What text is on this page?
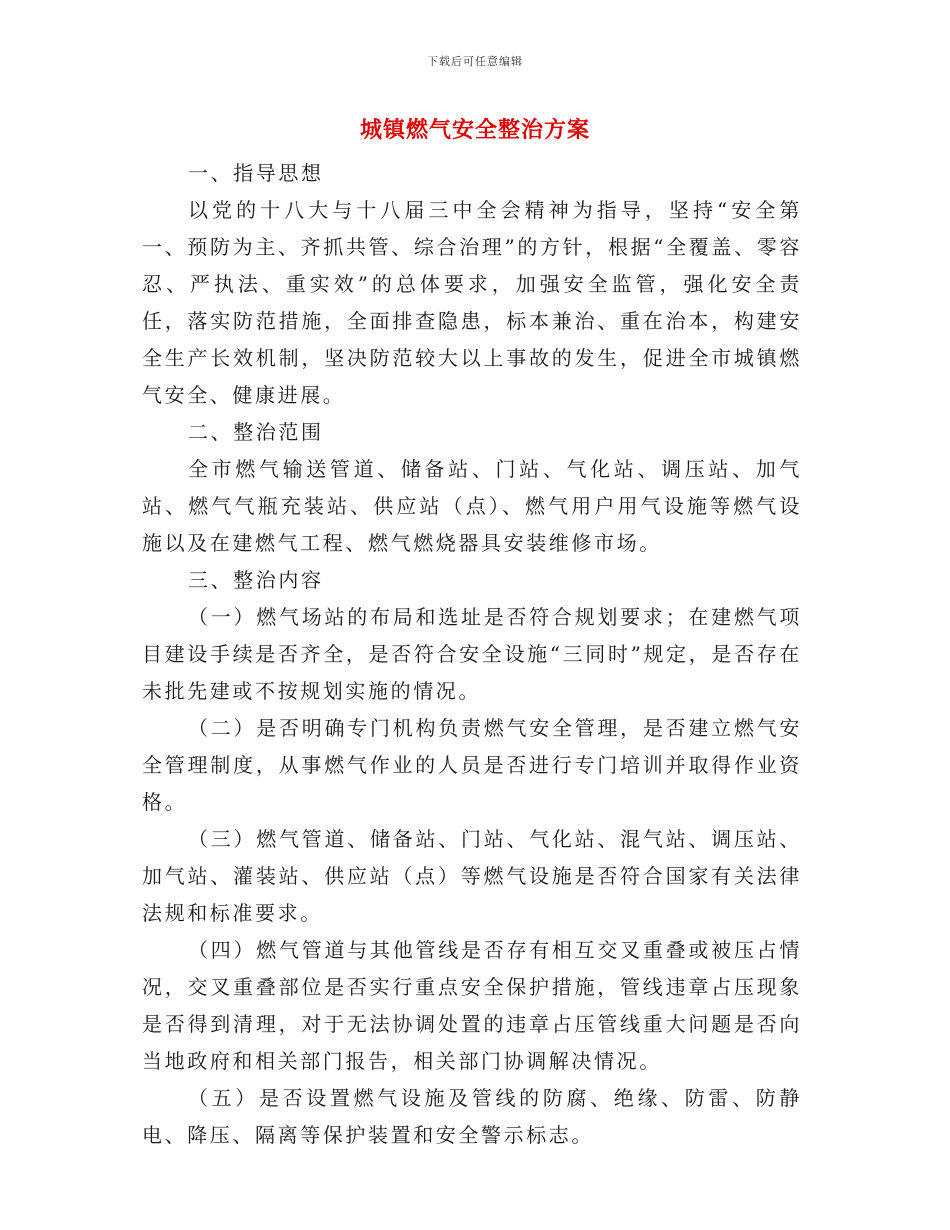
下载后可任意编辑
城镇燃气安全整治方案

一、指导思想

以党的十八大与十八届三中全会精神为指导，坚持“安全第一、预防为主、齐抓共管、综合治理”的方针，根据“全覆盖、零容忍、严执法、重实效”的总体要求，加强安全监管，强化安全责任，落实防范措施，全面排查隐患，标本兼治、重在治本，构建安全生产长效机制，坚决防范较大以上事故的发生，促进全市城镇燃气安全、健康进展。

二、整治范围

全市燃气输送管道、储备站、门站、气化站、调压站、加气站、燃气气瓶充装站、供应站（点）、燃气用户用气设施等燃气设施以及在建燃气工程、燃气燃烧器具安装维修市场。

三、整治内容

（一）燃气场站的布局和选址是否符合规划要求；在建燃气项目建设手续是否齐全，是否符合安全设施“三同时”规定，是否存在未批先建或不按规划实施的情况。

（二）是否明确专门机构负责燃气安全管理，是否建立燃气安全管理制度，从事燃气作业的人员是否进行专门培训并取得作业资格。

（三）燃气管道、储备站、门站、气化站、混气站、调压站、加气站、灌装站、供应站（点）等燃气设施是否符合国家有关法律法规和标准要求。

（四）燃气管道与其他管线是否存有相互交叉重叠或被压占情况，交叉重叠部位是否实行重点安全保护措施，管线违章占压现象是否得到清理，对于无法协调处置的违章占压管线重大问题是否向当地政府和相关部门报告，相关部门协调解决情况。

（五）是否设置燃气设施及管线的防腐、绝缘、防雷、防静电、降压、隔离等保护装置和安全警示标志。
